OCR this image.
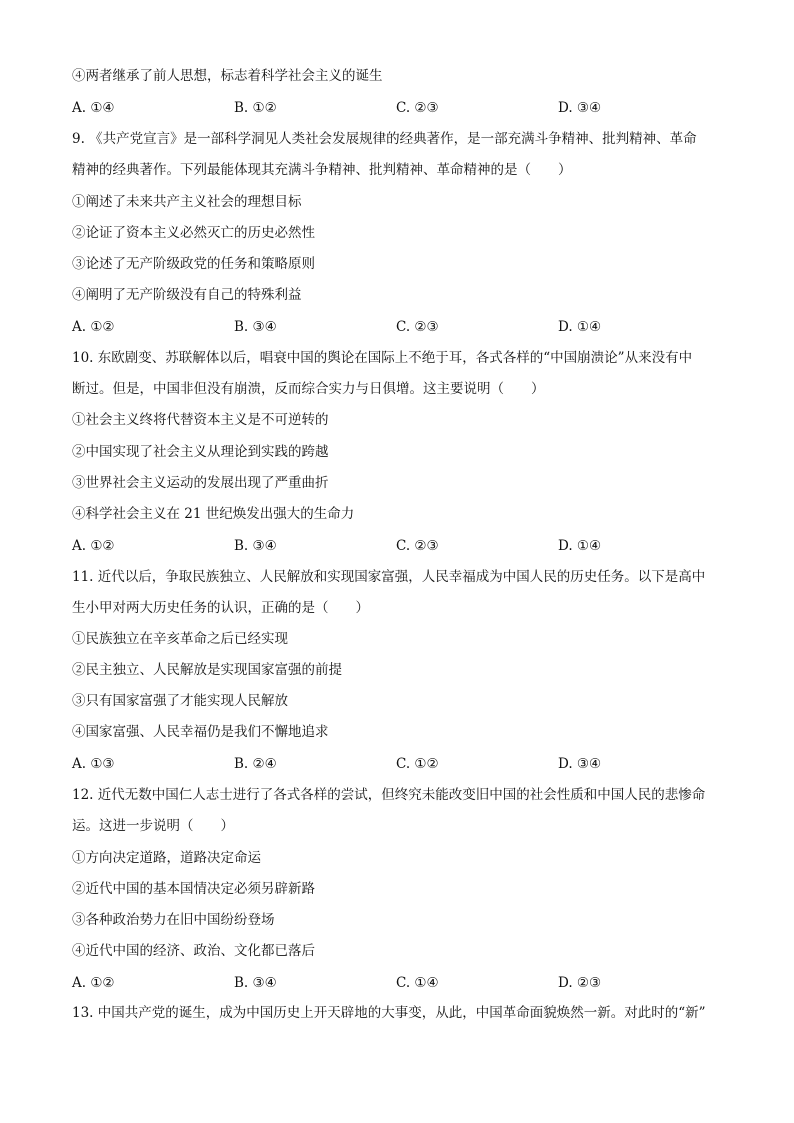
④两者继承了前人思想，标志着科学社会主义的诞生
A. ①④	B. ①②	C. ②③	D. ③④
9. 《共产党宣言》是一部科学洞见人类社会发展规律的经典著作，是一部充满斗争精神、批判精神、革命
精神的经典著作。下列最能体现其充满斗争精神、批判精神、革命精神的是（　　）
①阐述了未来共产主义社会的理想目标
②论证了资本主义必然灭亡的历史必然性
③论述了无产阶级政党的任务和策略原则
④阐明了无产阶级没有自己的特殊利益
A. ①②	B. ③④	C. ②③	D. ①④
10. 东欧剧变、苏联解体以后，唱衰中国的舆论在国际上不绝于耳，各式各样的“中国崩溃论”从来没有中
断过。但是，中国非但没有崩溃，反而综合实力与日俱增。这主要说明（　　）
①社会主义终将代替资本主义是不可逆转的
②中国实现了社会主义从理论到实践的跨越
③世界社会主义运动的发展出现了严重曲折
④科学社会主义在 21 世纪焕发出强大的生命力
A. ①②	B. ③④	C. ②③	D. ①④
11. 近代以后，争取民族独立、人民解放和实现国家富强，人民幸福成为中国人民的历史任务。以下是高中
生小甲对两大历史任务的认识，正确的是（　　）
①民族独立在辛亥革命之后已经实现
②民主独立、人民解放是实现国家富强的前提
③只有国家富强了才能实现人民解放
④国家富强、人民幸福仍是我们不懈地追求
A. ①③	B. ②④	C. ①②	D. ③④
12. 近代无数中国仁人志士进行了各式各样的尝试，但终究未能改变旧中国的社会性质和中国人民的悲惨命
运。这进一步说明（　　）
①方向决定道路，道路决定命运
②近代中国的基本国情决定必须另辟新路
③各种政治势力在旧中国纷纷登场
④近代中国的经济、政治、文化都已落后
A. ①②	B. ③④	C. ①④	D. ②③
13. 中国共产党的诞生，成为中国历史上开天辟地的大事变，从此，中国革命面貌焕然一新。对此时的“新”
